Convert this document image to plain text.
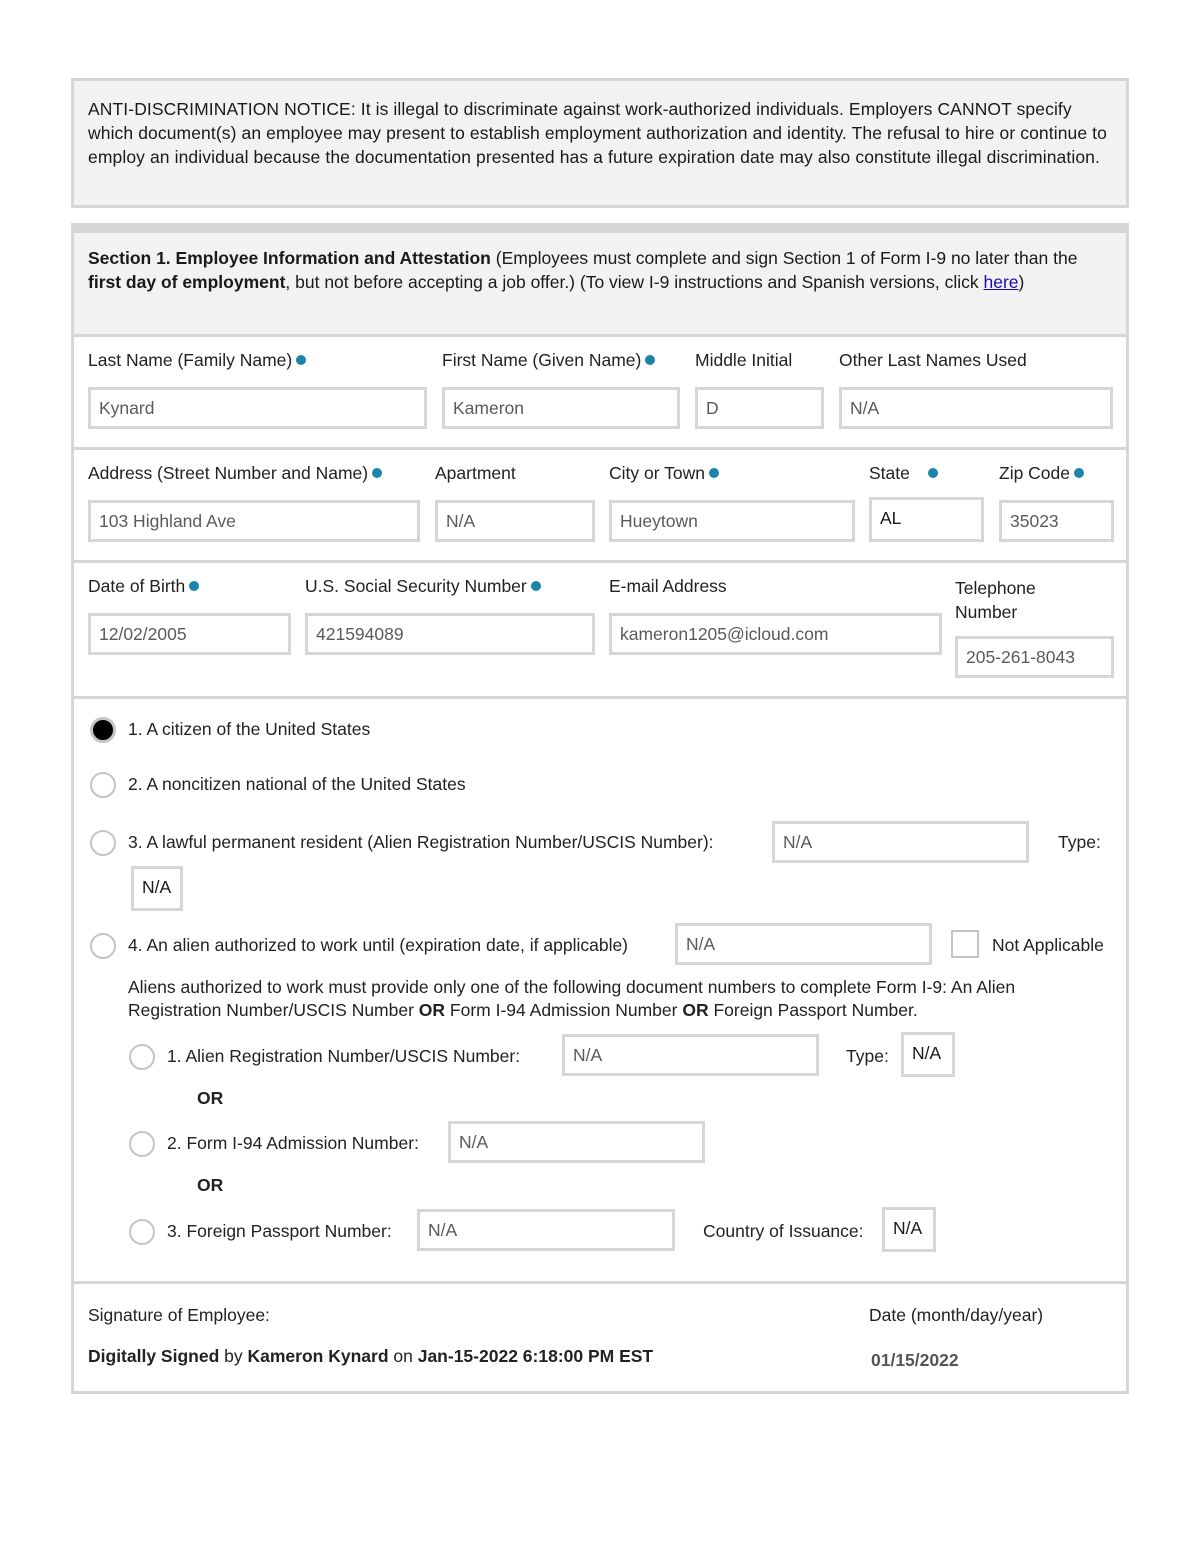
ANTI-DISCRIMINATION NOTICE: It is illegal to discriminate against work-authorized individuals. Employers CANNOT specify which document(s) an employee may present to establish employment authorization and identity. The refusal to hire or continue to employ an individual because the documentation presented has a future expiration date may also constitute illegal discrimination.
Section 1. Employee Information and Attestation (Employees must complete and sign Section 1 of Form I-9 no later than the first day of employment, but not before accepting a job offer.) (To view I-9 instructions and Spanish versions, click here)
Last Name (Family Name)
Kynard
First Name (Given Name)
Kameron
Middle Initial
D
Other Last Names Used
N/A
Address (Street Number and Name)
103 Highland Ave
Apartment
N/A
City or Town
Hueytown
State
AL
Zip Code
35023
Date of Birth
12/02/2005
U.S. Social Security Number
421594089
E-mail Address
kameron1205@icloud.com
Telephone
Number
205-261-8043
1. A citizen of the United States
2. A noncitizen national of the United States
3. A lawful permanent resident (Alien Registration Number/USCIS Number):	N/A	Type:
N/A
4. An alien authorized to work until (expiration date, if applicable)	N/A	Not Applicable
Aliens authorized to work must provide only one of the following document numbers to complete Form I-9: An Alien Registration Number/USCIS Number OR Form I-94 Admission Number OR Foreign Passport Number.
1. Alien Registration Number/USCIS Number:	N/A	Type:	N/A
OR
2. Form I-94 Admission Number:	N/A
OR
3. Foreign Passport Number:	N/A	Country of Issuance:	N/A
Signature of Employee:
Digitally Signed by Kameron Kynard on Jan-15-2022 6:18:00 PM EST
Date (month/day/year)
01/15/2022
